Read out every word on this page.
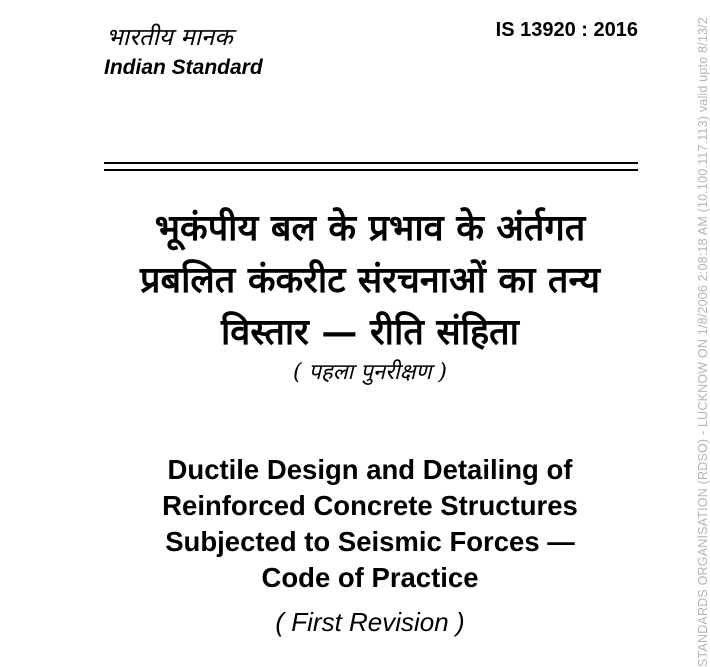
भारतीय मानक
Indian Standard
IS 13920 : 2016
भूकंपीय बल के प्रभाव के अंर्तगत
प्रबलित कंकरीट संरचनाओं का तन्य
विस्तार — रीति संहिता
( पहला पुनरीक्षण )
Ductile Design and Detailing of
Reinforced Concrete Structures
Subjected to Seismic Forces —
Code of Practice
( First Revision )	STANDARDS ORGANISATION (RDSO) - LUCKNOW ON 1/8/2006 2:08:18 AM (10.100.117.113) valid upto 8/13/2
